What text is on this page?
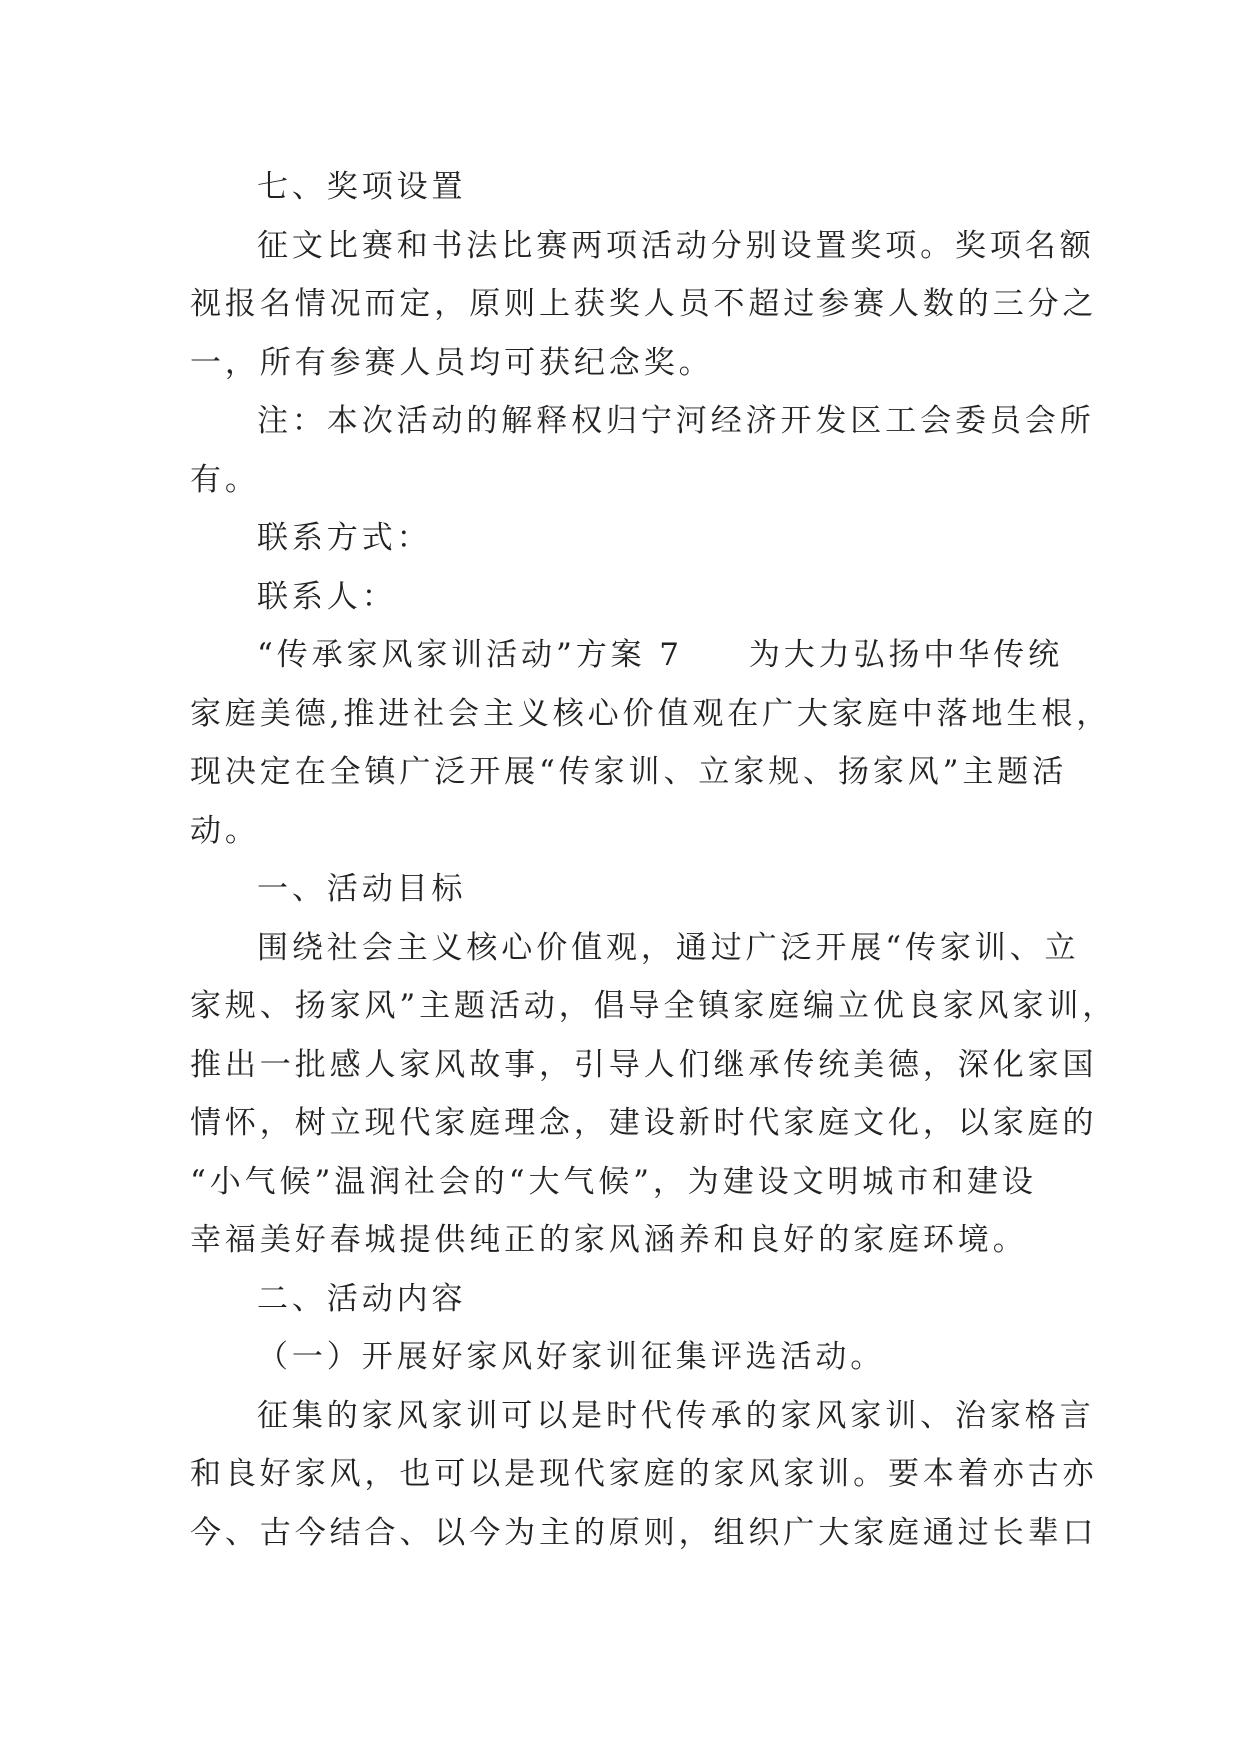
七、奖项设置
征文比赛和书法比赛两项活动分别设置奖项。奖项名额
视报名情况而定，原则上获奖人员不超过参赛人数的三分之
一，所有参赛人员均可获纪念奖。
注：本次活动的解释权归宁河经济开发区工会委员会所
有。
联系方式：
联系人：
“传承家风家训活动”方案 7 为大力弘扬中华传统
家庭美德,推进社会主义核心价值观在广大家庭中落地生根，
现决定在全镇广泛开展“传家训、立家规、扬家风”主题活
动。
一、活动目标
围绕社会主义核心价值观，通过广泛开展“传家训、立
家规、扬家风”主题活动，倡导全镇家庭编立优良家风家训，
推出一批感人家风故事，引导人们继承传统美德，深化家国
情怀，树立现代家庭理念，建设新时代家庭文化，以家庭的
“小气候”温润社会的“大气候”，为建设文明城市和建设
幸福美好春城提供纯正的家风涵养和良好的家庭环境。
二、活动内容
（一）开展好家风好家训征集评选活动。
征集的家风家训可以是时代传承的家风家训、治家格言
和良好家风，也可以是现代家庭的家风家训。要本着亦古亦
今、古今结合、以今为主的原则，组织广大家庭通过长辈口
